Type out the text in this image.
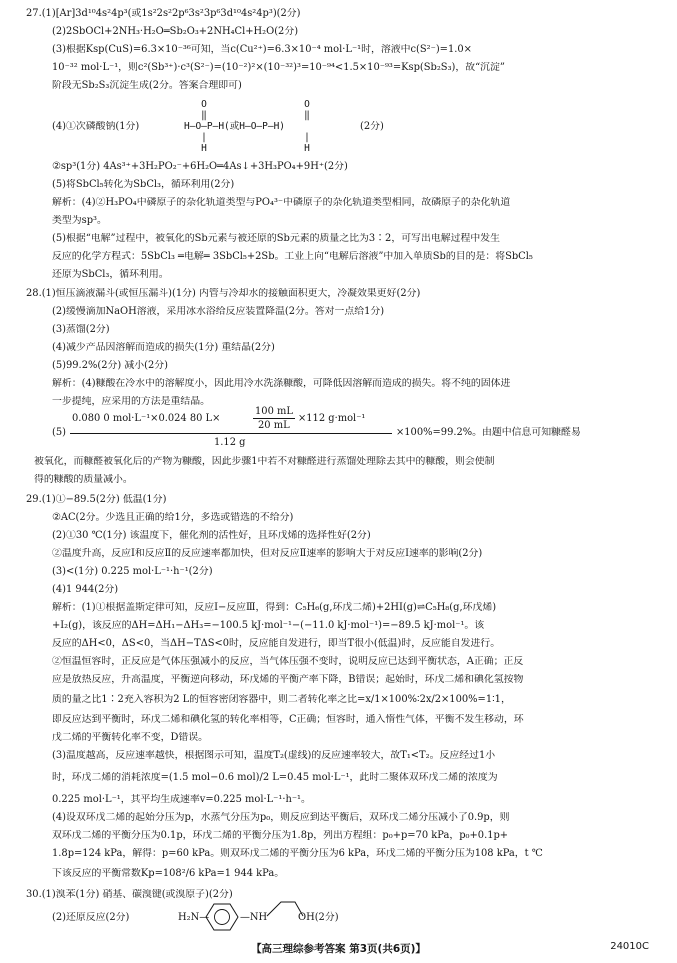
27.(1)[Ar]3d¹⁰4s²4p³(或1s²2s²2p⁶3s²3p⁶3d¹⁰4s²4p³)(2分)
(2)2SbOCl+2NH₃·H₂O═Sb₂O₃+2NH₄Cl+H₂O(2分)
(3)根据Ksp(CuS)=6.3×10⁻³⁶可知，当c(Cu²⁺)=6.3×10⁻⁴ mol·L⁻¹时，溶液中c(S²⁻)=1.0×
10⁻³² mol·L⁻¹，则c²(Sb³⁺)·c³(S²⁻)=(10⁻²)²×(10⁻³²)³=10⁻⁹⁴<1.5×10⁻⁹³=Ksp(Sb₂S₃)，故“沉淀”
阶段无Sb₂S₃沉淀生成(2分。答案合理即可)
(4)①次磷酸钠(1分)
O                 O
‖                 ‖
H—O—P—H(或H—O—P—H)
|                 |
H                 H
(2分)
②sp³(1分) 4As³⁺+3H₂PO₂⁻+6H₂O═4As↓+3H₃PO₄+9H⁺(2分)
(5)将SbCl₅转化为SbCl₃，循环利用(2分)
解析：(4)②H₃PO₄中磷原子的杂化轨道类型与PO₄³⁻中磷原子的杂化轨道类型相同，故磷原子的杂化轨道
类型为sp³。
(5)根据“电解”过程中，被氧化的Sb元素与被还原的Sb元素的质量之比为3∶2，可写出电解过程中发生
反应的化学方程式：5SbCl₃ ═电解═ 3SbCl₅+2Sb。工业上向“电解后溶液”中加入单质Sb的目的是：将SbCl₅
还原为SbCl₃，循环利用。
28.(1)恒压滴液漏斗(或恒压漏斗)(1分) 内管与冷却水的接触面积更大，冷凝效果更好(2分)
(2)缓慢滴加NaOH溶液，采用冰水浴给反应装置降温(2分。答对一点给1分)
(3)蒸馏(2分)
(4)减少产品因溶解而造成的损失(1分) 重结晶(2分)
(5)99.2%(2分) 减小(2分)
解析：(4)糠酸在冷水中的溶解度小，因此用冷水洗涤糠酸，可降低因溶解而造成的损失。将不纯的固体进
一步提纯，应采用的方法是重结晶。
(5)
0.080 0 mol·L⁻¹×0.024 80 L×
100 mL
20 mL
×112 g·mol⁻¹
1.12 g
×100%=99.2%。由题中信息可知糠醛易
被氧化，而糠醛被氧化后的产物为糠酸，因此步骤1中若不对糠醛进行蒸馏处理除去其中的糠酸，则会使制
得的糠酸的质量减小。
29.(1)①−89.5(2分) 低温(1分)
②AC(2分。少选且正确的给1分，多选或错选的不给分)
(2)①30 ℃(1分) 该温度下，催化剂的活性好，且环戊烯的选择性好(2分)
②温度升高，反应Ⅰ和反应Ⅱ的反应速率都加快，但对反应Ⅱ速率的影响大于对反应Ⅰ速率的影响(2分)
(3)<(1分) 0.225 mol·L⁻¹·h⁻¹(2分)
(4)1 944(2分)
解析：(1)①根据盖斯定律可知，反应Ⅰ−反应Ⅲ，得到：C₅H₆(g,环戊二烯)+2HI(g)⇌C₅H₈(g,环戊烯)
+I₂(g)，该反应的ΔH=ΔH₁−ΔH₃=−100.5 kJ·mol⁻¹−(−11.0 kJ·mol⁻¹)=−89.5 kJ·mol⁻¹。该
反应的ΔH<0，ΔS<0，当ΔH−TΔS<0时，反应能自发进行，即当T很小(低温)时，反应能自发进行。
②恒温恒容时，正反应是气体压强减小的反应，当气体压强不变时，说明反应已达到平衡状态，A正确；正反
应是放热反应，升高温度，平衡逆向移动，环戊烯的平衡产率下降，B错误；起始时，环戊二烯和碘化氢按物
质的量之比1∶2充入容积为2 L的恒容密闭容器中，则二者转化率之比=x/1×100%∶2x/2×100%=1∶1，
即反应达到平衡时，环戊二烯和碘化氢的转化率相等，C正确；恒容时，通入惰性气体，平衡不发生移动，环
戊二烯的平衡转化率不变，D错误。
(3)温度越高，反应速率越快，根据图示可知，温度T₂(虚线)的反应速率较大，故T₁<T₂。反应经过1小
时，环戊二烯的消耗浓度=(1.5 mol−0.6 mol)/2 L=0.45 mol·L⁻¹，此时二聚体双环戊二烯的浓度为
0.225 mol·L⁻¹，其平均生成速率v=0.225 mol·L⁻¹·h⁻¹。
(4)设双环戊二烯的起始分压为p，水蒸气分压为p₀，则反应到达平衡后，双环戊二烯分压减小了0.9p，则
双环戊二烯的平衡分压为0.1p，环戊二烯的平衡分压为1.8p，列出方程组：p₀+p=70 kPa，p₀+0.1p+
1.8p=124 kPa，解得：p=60 kPa。则双环戊二烯的平衡分压为6 kPa，环戊二烯的平衡分压为108 kPa，t ℃
下该反应的平衡常数Kp=108²/6 kPa=1 944 kPa。
30.(1)溴苯(1分) 硝基、碳溴键(或溴原子)(2分)
(2)还原反应(2分)	H₂N—	—NH	OH(2分)
【高三理综参考答案 第3页(共6页)】	24010C
